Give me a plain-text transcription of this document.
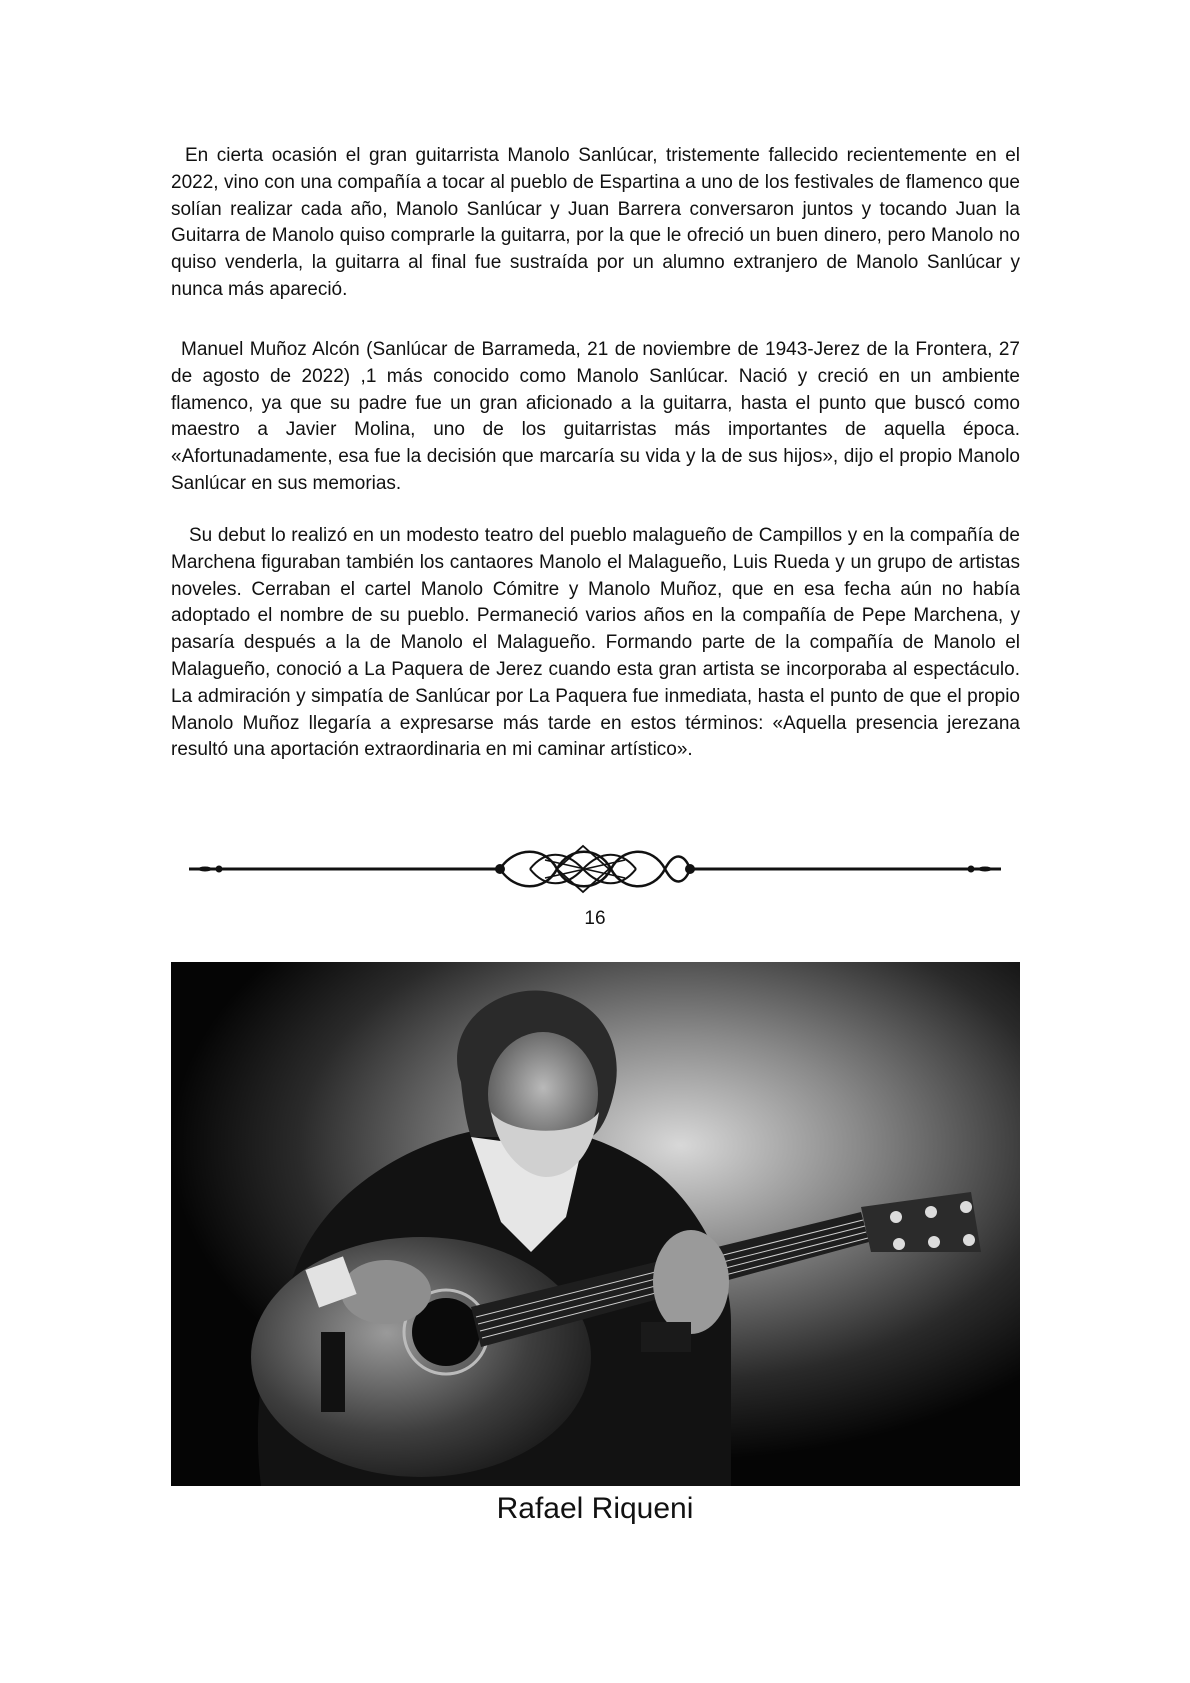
En cierta ocasión el gran guitarrista Manolo Sanlúcar, tristemente fallecido recientemente en el 2022, vino con una compañía a tocar al pueblo de Espartina a uno de los festivales de flamenco que solían realizar cada año, Manolo Sanlúcar y Juan Barrera conversaron juntos y tocando Juan la Guitarra de Manolo quiso comprarle la guitarra, por la que le ofreció un buen dinero, pero Manolo no quiso venderla, la guitarra al final fue sustraída por un alumno extranjero de Manolo Sanlúcar y nunca más apareció.

Manuel Muñoz Alcón (Sanlúcar de Barrameda, 21 de noviembre de 1943-Jerez de la Frontera, 27 de agosto de 2022) ,1 más conocido como Manolo Sanlúcar. Nació y creció en un ambiente flamenco, ya que su padre fue un gran aficionado a la guitarra, hasta el punto que buscó como maestro a Javier Molina, uno de los guitarristas más importantes de aquella época. «Afortunadamente, esa fue la decisión que marcaría su vida y la de sus hijos», dijo el propio Manolo Sanlúcar en sus memorias.

Su debut lo realizó en un modesto teatro del pueblo malagueño de Campillos y en la compañía de Marchena figuraban también los cantaores Manolo el Malagueño, Luis Rueda y un grupo de artistas noveles. Cerraban el cartel Manolo Cómitre y Manolo Muñoz, que en esa fecha aún no había adoptado el nombre de su pueblo. Permaneció varios años en la compañía de Pepe Marchena, y pasaría después a la de Manolo el Malagueño. Formando parte de la compañía de Manolo el Malagueño, conoció a La Paquera de Jerez cuando esta gran artista se incorporaba al espectáculo. La admiración y simpatía de Sanlúcar por La Paquera fue inmediata, hasta el punto de que el propio Manolo Muñoz llegaría a expresarse más tarde en estos términos: «Aquella presencia jerezana resultó una aportación extraordinaria en mi caminar artístico».

16
Rafael Riqueni
